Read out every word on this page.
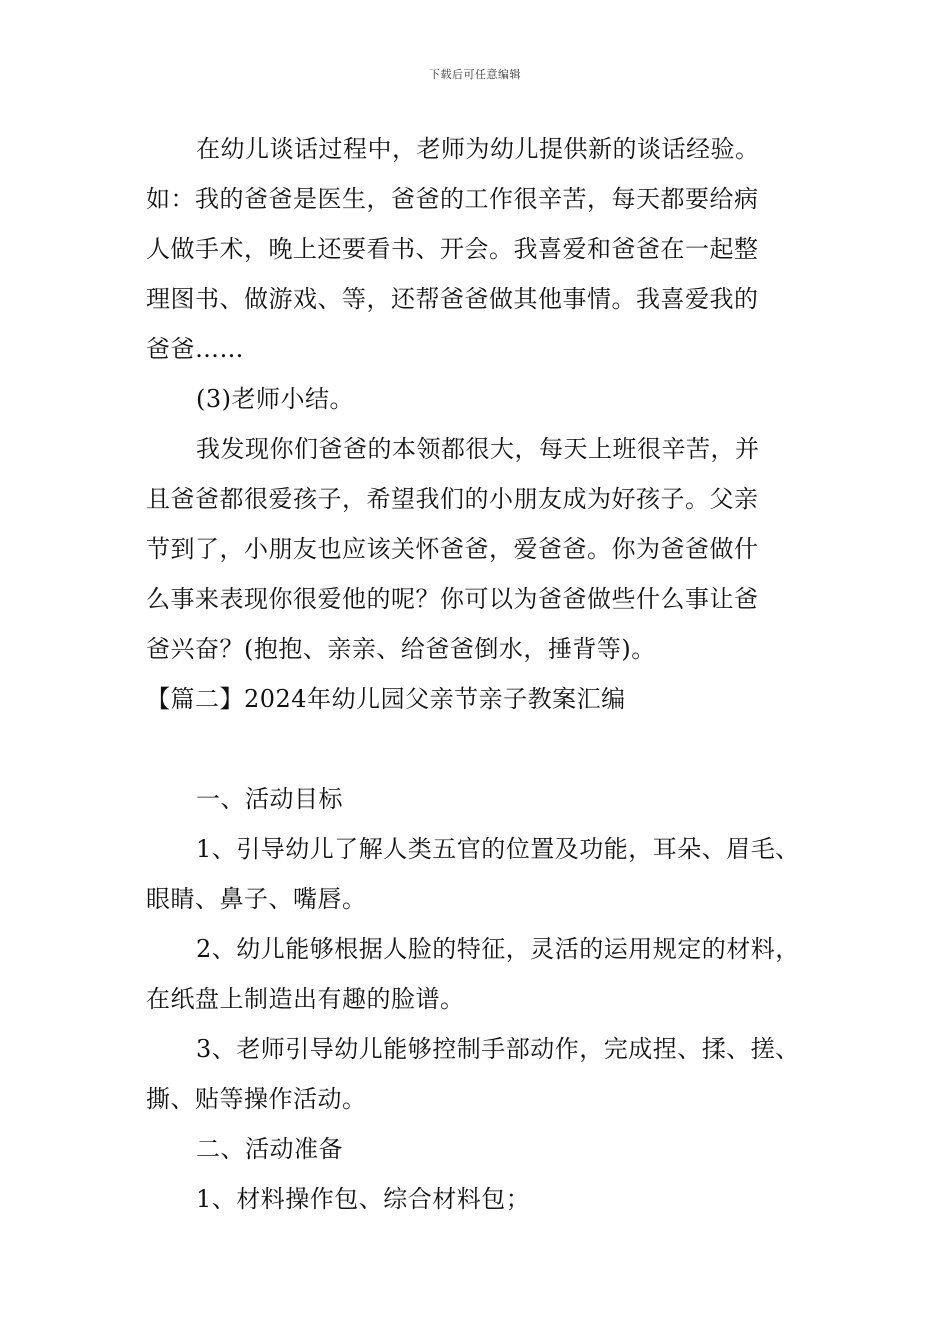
下载后可任意编辑
在幼儿谈话过程中，老师为幼儿提供新的谈话经验。
如：我的爸爸是医生，爸爸的工作很辛苦，每天都要给病
人做手术，晚上还要看书、开会。我喜爱和爸爸在一起整
理图书、做游戏、等，还帮爸爸做其他事情。我喜爱我的
爸爸……
(3)老师小结。
我发现你们爸爸的本领都很大，每天上班很辛苦，并
且爸爸都很爱孩子，希望我们的小朋友成为好孩子。父亲
节到了，小朋友也应该关怀爸爸，爱爸爸。你为爸爸做什
么事来表现你很爱他的呢？你可以为爸爸做些什么事让爸
爸兴奋？(抱抱、亲亲、给爸爸倒水，捶背等)。
【篇二】2024年幼儿园父亲节亲子教案汇编
一、活动目标
1、引导幼儿了解人类五官的位置及功能，耳朵、眉毛、
眼睛、鼻子、嘴唇。
2、幼儿能够根据人脸的特征，灵活的运用规定的材料，
在纸盘上制造出有趣的脸谱。
3、老师引导幼儿能够控制手部动作，完成捏、揉、搓、
撕、贴等操作活动。
二、活动准备
1、材料操作包、综合材料包；
